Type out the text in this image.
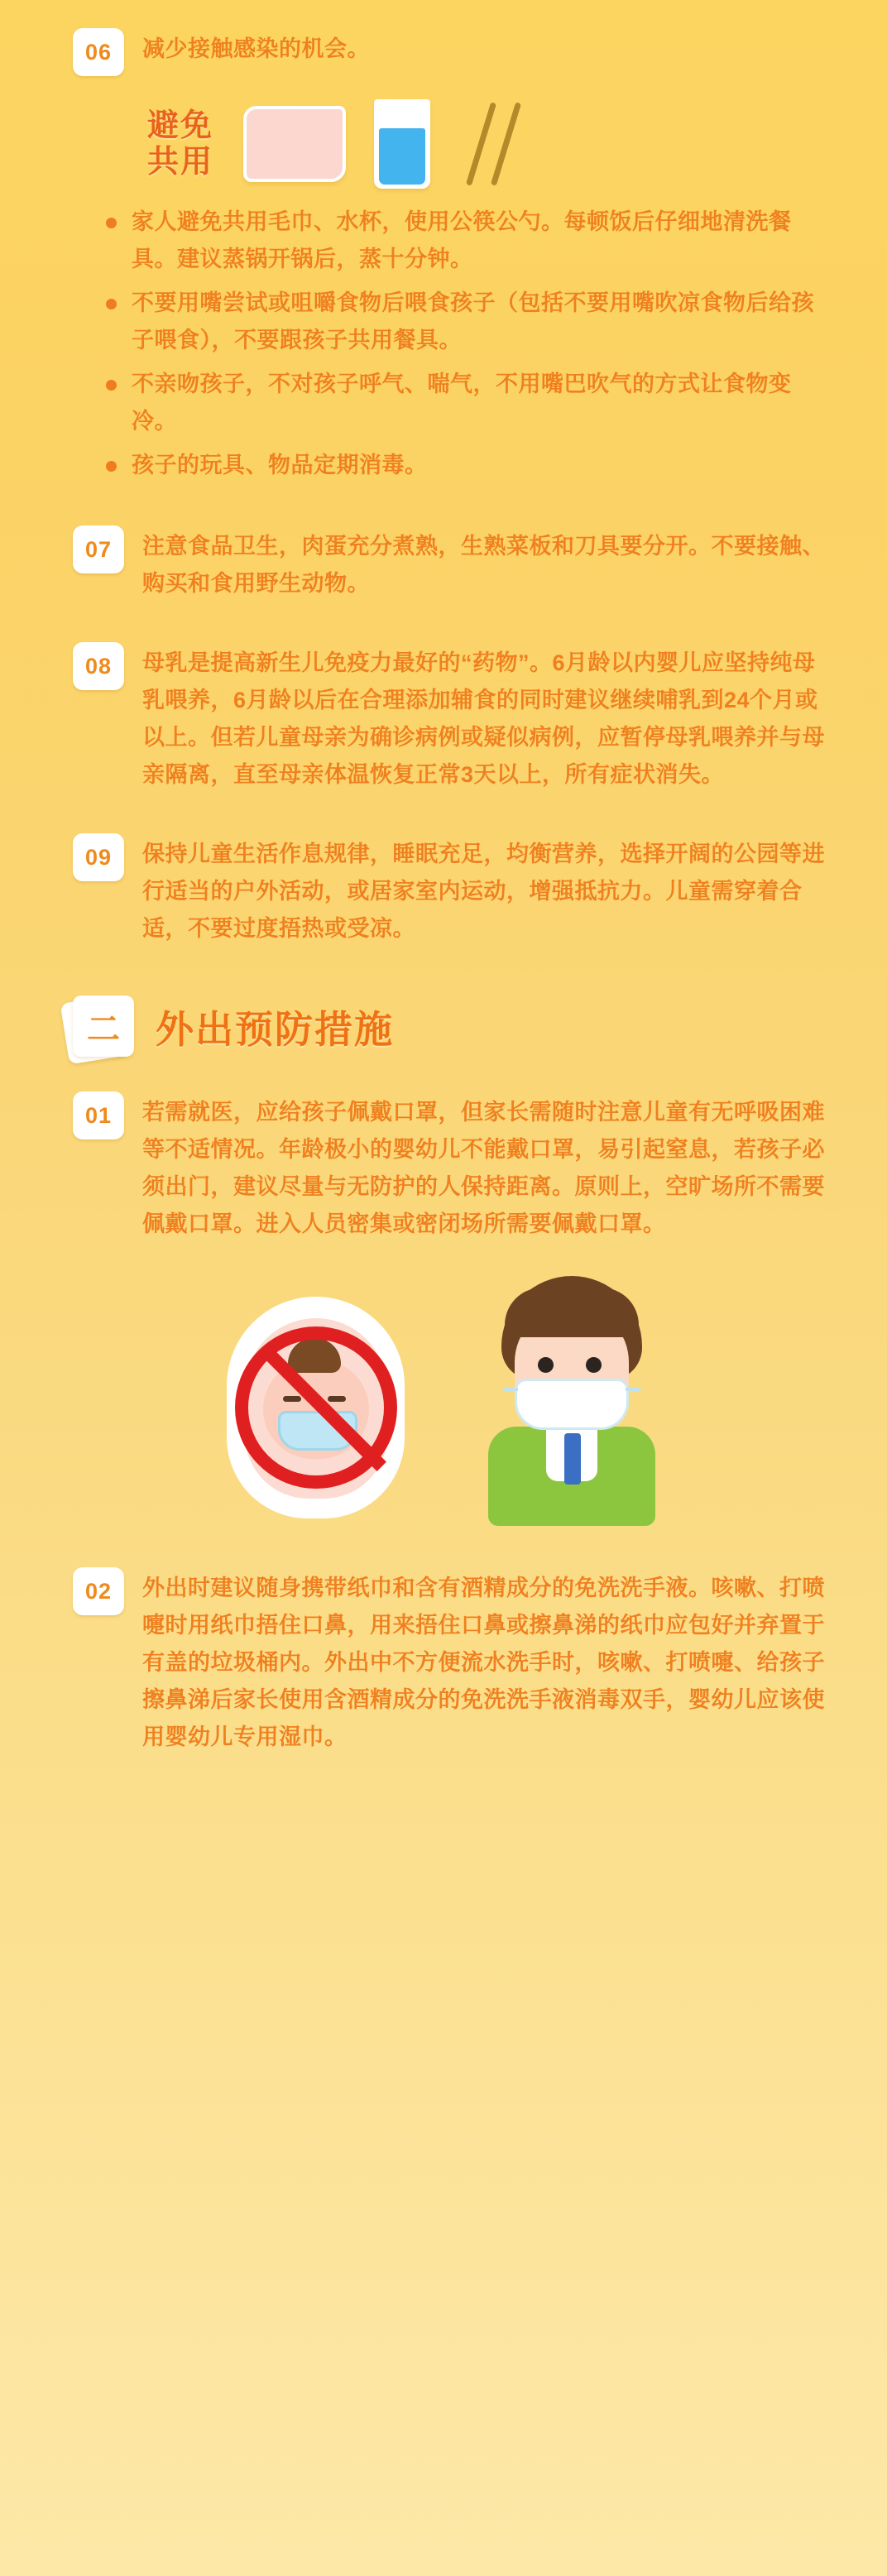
06	减少接触感染的机会。
避免
共用
家人避免共用毛巾、水杯，使用公筷公勺。每顿饭后仔细地清洗餐具。建议蒸锅开锅后，蒸十分钟。
不要用嘴尝试或咀嚼食物后喂食孩子（包括不要用嘴吹凉食物后给孩子喂食），不要跟孩子共用餐具。
不亲吻孩子，不对孩子呼气、喘气，不用嘴巴吹气的方式让食物变冷。
孩子的玩具、物品定期消毒。
07	注意食品卫生，肉蛋充分煮熟，生熟菜板和刀具要分开。不要接触、购买和食用野生动物。
08	母乳是提高新生儿免疫力最好的“药物”。6月龄以内婴儿应坚持纯母乳喂养，6月龄以后在合理添加辅食的同时建议继续哺乳到24个月或以上。但若儿童母亲为确诊病例或疑似病例，应暂停母乳喂养并与母亲隔离，直至母亲体温恢复正常3天以上，所有症状消失。
09	保持儿童生活作息规律，睡眠充足，均衡营养，选择开阔的公园等进行适当的户外活动，或居家室内运动，增强抵抗力。儿童需穿着合适，不要过度捂热或受凉。
二 外出预防措施
01	若需就医，应给孩子佩戴口罩，但家长需随时注意儿童有无呼吸困难等不适情况。年龄极小的婴幼儿不能戴口罩，易引起窒息，若孩子必须出门，建议尽量与无防护的人保持距离。原则上，空旷场所不需要佩戴口罩。进入人员密集或密闭场所需要佩戴口罩。
02	外出时建议随身携带纸巾和含有酒精成分的免洗洗手液。咳嗽、打喷嚏时用纸巾捂住口鼻，用来捂住口鼻或擦鼻涕的纸巾应包好并弃置于有盖的垃圾桶内。外出中不方便流水洗手时，咳嗽、打喷嚏、给孩子擦鼻涕后家长使用含酒精成分的免洗洗手液消毒双手，婴幼儿应该使用婴幼儿专用湿巾。
